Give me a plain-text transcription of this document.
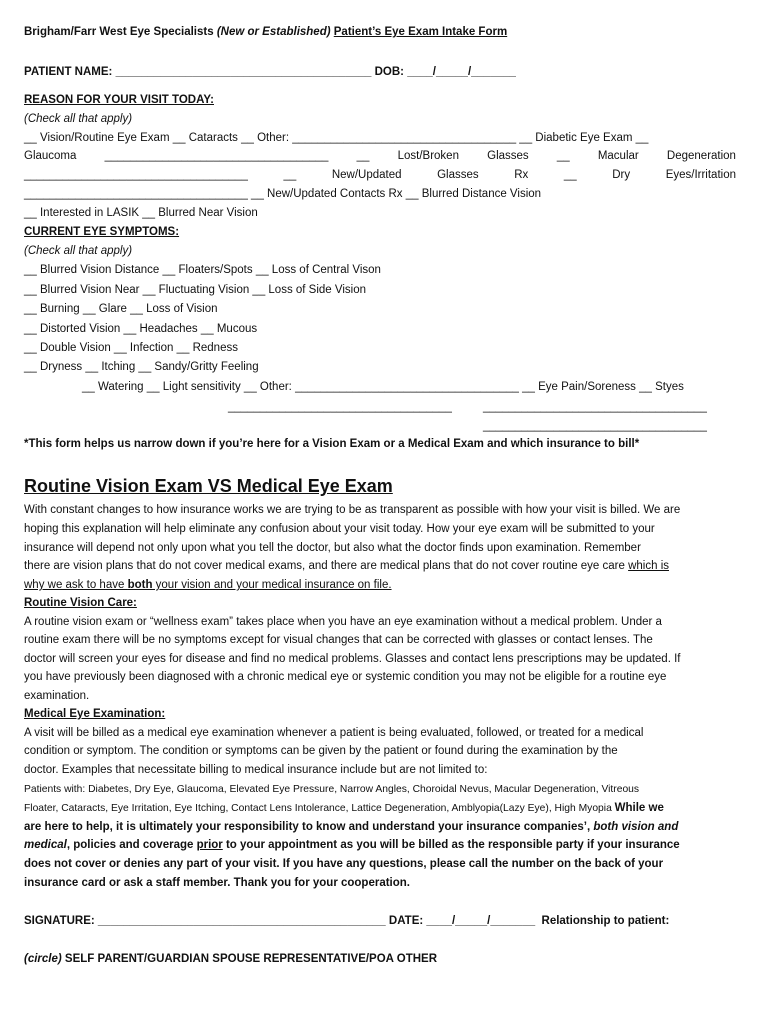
Brigham/Farr West Eye Specialists (New or Established) Patient’s Eye Exam Intake Form
PATIENT NAME: ________________________________________ DOB: ____/_____/_______
REASON FOR YOUR VISIT TODAY:
(Check all that apply)
__ Vision/Routine Eye Exam __ Cataracts __ Other: ___________________________________ __ Diabetic Eye Exam __
Glaucoma ___________________________________ __ Lost/Broken Glasses __ Macular Degeneration
___________________________________	__	New/Updated	Glasses	Rx	__	Dry	Eyes/Irritation
___________________________________ __ New/Updated Contacts Rx __ Blurred Distance Vision
__ Interested in LASIK __ Blurred Near Vision
CURRENT EYE SYMPTOMS:
(Check all that apply)
__ Blurred Vision Distance __ Floaters/Spots __ Loss of Central Vison
__ Blurred Vision Near __ Fluctuating Vision __ Loss of Side Vision
__ Burning __ Glare __ Loss of Vision
__ Distorted Vision __ Headaches __ Mucous
__ Double Vision __ Infection __ Redness
__ Dryness __ Itching __ Sandy/Gritty Feeling
__ Watering __ Light sensitivity __ Other: ___________________________________ __ Eye Pain/Soreness __ Styes
___________________________________	___________________________________
___________________________________
*This form helps us narrow down if you’re here for a Vision Exam or a Medical Exam and which insurance to bill*
Routine Vision Exam VS Medical Eye Exam
With constant changes to how insurance works we are trying to be as transparent as possible with how your visit is billed. We are
hoping this explanation will help eliminate any confusion about your visit today. How your eye exam will be submitted to your
insurance will depend not only upon what you tell the doctor, but also what the doctor finds upon examination. Remember
there are vision plans that do not cover medical exams, and there are medical plans that do not cover routine eye care which is
why we ask to have both your vision and your medical insurance on file.
Routine Vision Care:
A routine vision exam or “wellness exam” takes place when you have an eye examination without a medical problem. Under a
routine exam there will be no symptoms except for visual changes that can be corrected with glasses or contact lenses. The
doctor will screen your eyes for disease and find no medical problems. Glasses and contact lens prescriptions may be updated. If
you have previously been diagnosed with a chronic medical eye or systemic condition you may not be eligible for a routine eye
examination.
Medical Eye Examination:
A visit will be billed as a medical eye examination whenever a patient is being evaluated, followed, or treated for a medical
condition or symptom. The condition or symptoms can be given by the patient or found during the examination by the
doctor. Examples that necessitate billing to medical insurance include but are not limited to:
Patients with: Diabetes, Dry Eye, Glaucoma, Elevated Eye Pressure, Narrow Angles, Choroidal Nevus, Macular Degeneration, Vitreous
Floater, Cataracts, Eye Irritation, Eye Itching, Contact Lens Intolerance, Lattice Degeneration, Amblyopia(Lazy Eye), High Myopia While we
are here to help, it is ultimately your responsibility to know and understand your insurance companies’, both vision and
medical, policies and coverage prior to your appointment as you will be billed as the responsible party if your insurance
does not cover or denies any part of your visit. If you have any questions, please call the number on the back of your
insurance card or ask a staff member. Thank you for your cooperation.
SIGNATURE: _____________________________________________ DATE: ____/_____/_______ Relationship to patient:
(circle) SELF PARENT/GUARDIAN SPOUSE REPRESENTATIVE/POA OTHER
